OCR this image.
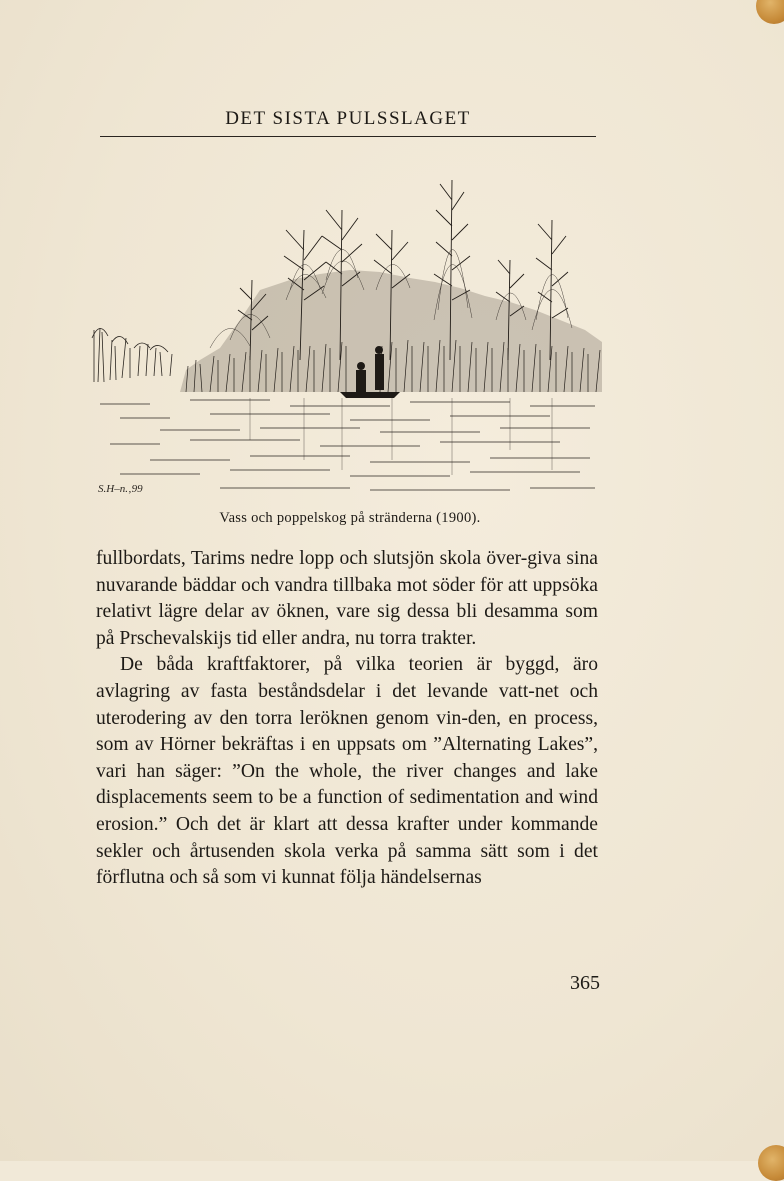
DET SISTA PULSSLAGET
S.H–n.‚99
Vass och poppelskog på stränderna (1900).

fullbordats, Tarims nedre lopp och slutsjön skola över-giva sina nuvarande bäddar och vandra tillbaka mot söder för att uppsöka relativt lägre delar av öknen, vare sig dessa bli desamma som på Prschevalskijs tid eller andra, nu torra trakter.

De båda kraftfaktorer, på vilka teorien är byggd, äro avlagring av fasta beståndsdelar i det levande vatt-net och uterodering av den torra leröknen genom vin-den, en process, som av Hörner bekräftas i en uppsats om ”Alternating Lakes”, vari han säger: ”On the whole, the river changes and lake displacements seem to be a function of sedimentation and wind erosion.” Och det är klart att dessa krafter under kommande sekler och årtusenden skola verka på samma sätt som i det förflutna och så som vi kunnat följa händelsernas

365
